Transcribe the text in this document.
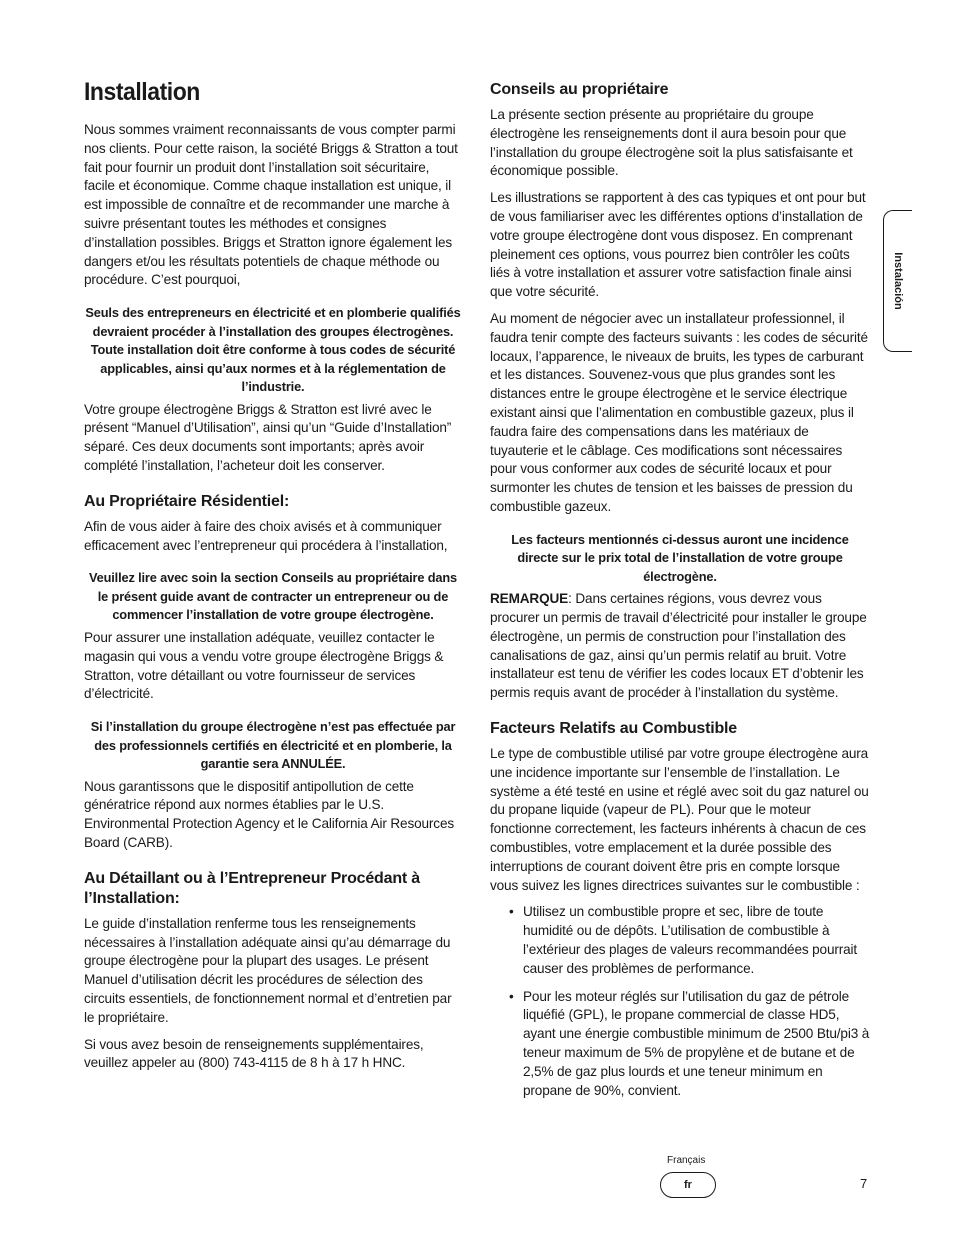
Installation

Nous sommes vraiment reconnaissants de vous compter parmi nos clients. Pour cette raison, la société Briggs & Stratton a tout fait pour fournir un produit dont l’installation soit sécuritaire, facile et économique. Comme chaque installation est unique, il est impossible de connaître et de recommander une marche à suivre présentant toutes les méthodes et consignes d’installation possibles. Briggs et Stratton ignore également les dangers et/ou les résultats potentiels de chaque méthode ou procédure. C’est pourquoi,

Seuls des entrepreneurs en électricité et en plomberie qualifiés devraient procéder à l’installation des groupes électrogènes. Toute installation doit être conforme à tous codes de sécurité applicables, ainsi qu’aux normes et à la réglementation de l’industrie.

Votre groupe électrogène Briggs & Stratton est livré avec le présent “Manuel d’Utilisation”, ainsi qu’un “Guide d’Installation” séparé. Ces deux documents sont importants; après avoir complété l’installation, l’acheteur doit les conserver.

Au Propriétaire Résidentiel:

Afin de vous aider à faire des choix avisés et à communiquer efficacement avec l’entrepreneur qui procédera à l’installation,

Veuillez lire avec soin la section Conseils au propriétaire dans le présent guide avant de contracter un entrepreneur ou de commencer l’installation de votre groupe électrogène.

Pour assurer une installation adéquate, veuillez contacter le magasin qui vous a vendu votre groupe électrogène Briggs & Stratton, votre détaillant ou votre fournisseur de services d’électricité.

Si l’installation du groupe électrogène n’est pas effectuée par des professionnels certifiés en électricité et en plomberie, la garantie sera ANNULÉE.

Nous garantissons que le dispositif antipollution de cette génératrice répond aux normes établies par le U.S. Environmental Protection Agency et le California Air Resources Board (CARB).

Au Détaillant ou à l’Entrepreneur Procédant à l’Installation:

Le guide d’installation renferme tous les renseignements nécessaires à l’installation adéquate ainsi qu’au démarrage du groupe électrogène pour la plupart des usages. Le présent Manuel d’utilisation décrit les procédures de sélection des circuits essentiels, de fonctionnement normal et d’entretien par le propriétaire.

Si vous avez besoin de renseignements supplémentaires, veuillez appeler au (800) 743-4115 de 8 h à 17 h HNC.

Conseils au propriétaire

La présente section présente au propriétaire du groupe électrogène les renseignements dont il aura besoin pour que l’installation du groupe électrogène soit la plus satisfaisante et économique possible.

Les illustrations se rapportent à des cas typiques et ont pour but de vous familiariser avec les différentes options d’installation de votre groupe électrogène dont vous disposez. En comprenant pleinement ces options, vous pourrez bien contrôler les coûts liés à votre installation et assurer votre satisfaction finale ainsi que votre sécurité.

Au moment de négocier avec un installateur professionnel, il faudra tenir compte des facteurs suivants : les codes de sécurité locaux, l’apparence, le niveaux de bruits, les types de carburant et les distances. Souvenez-vous que plus grandes sont les distances entre le groupe électrogène et le service électrique existant ainsi que l’alimentation en combustible gazeux, plus il faudra faire des compensations dans les matériaux de tuyauterie et le câblage. Ces modifications sont nécessaires pour vous conformer aux codes de sécurité locaux et pour surmonter les chutes de tension et les baisses de pression du combustible gazeux.

Les facteurs mentionnés ci-dessus auront une incidence directe sur le prix total de l’installation de votre groupe électrogène.

REMARQUE: Dans certaines régions, vous devrez vous procurer un permis de travail d’électricité pour installer le groupe électrogène, un permis de construction pour l’installation des canalisations de gaz, ainsi qu’un permis relatif au bruit. Votre installateur est tenu de vérifier les codes locaux ET d’obtenir les permis requis avant de procéder à l’installation du système.

Facteurs Relatifs au Combustible

Le type de combustible utilisé par votre groupe électrogène aura une incidence importante sur l’ensemble de l’installation. Le système a été testé en usine et réglé avec soit du gaz naturel ou du propane liquide (vapeur de PL). Pour que le moteur fonctionne correctement, les facteurs inhérents à chacun de ces combustibles, votre emplacement et la durée possible des interruptions de courant doivent être pris en compte lorsque vous suivez les lignes directrices suivantes sur le combustible :

• Utilisez un combustible propre et sec, libre de toute humidité ou de dépôts. L’utilisation de combustible à l’extérieur des plages de valeurs recommandées pourrait causer des problèmes de performance.
• Pour les moteur réglés sur l’utilisation du gaz de pétrole liquéfié (GPL), le propane commercial de classe HD5, ayant une énergie combustible minimum de 2500 Btu/pi3 à teneur maximum de 5% de propylène et de butane et de 2,5% de gaz plus lourds et une teneur minimum en propane de 90%, convient.
Instalación
Français
fr	7
